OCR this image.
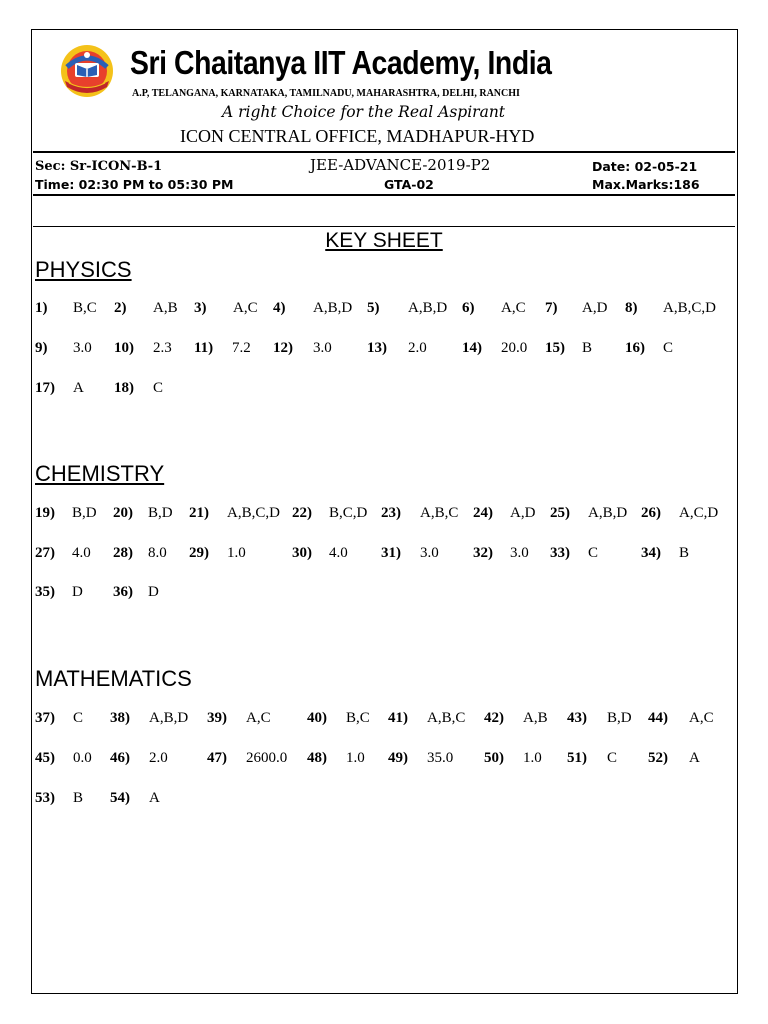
Sri Chaitanya IIT Academy, India
A.P, TELANGANA, KARNATAKA, TAMILNADU, MAHARASHTRA, DELHI, RANCHI
A right Choice for the Real Aspirant
ICON CENTRAL OFFICE, MADHAPUR-HYD
Sec: Sr-ICON-B-1
Time: 02:30 PM to 05:30 PM
JEE-ADVANCE-2019-P2
GTA-02
Date: 02-05-21
Max.Marks:186
KEY SHEET
PHYSICS
CHEMISTRY
MATHEMATICS
1) B,C 2) A,B 3) A,C 4) A,B,D 5) A,B,D 6) A,C 7) A,D 8) A,B,C,D
9) 3.0 10) 2.3 11) 7.2 12) 3.0 13) 2.0 14) 20.0 15) B 16) C
17) A 18) C
19) B,D 20) B,D 21) A,B,C,D 22) B,C,D 23) A,B,C 24) A,D 25) A,B,D 26) A,C,D
27) 4.0 28) 8.0 29) 1.0	30) 4.0 31) 3.0 32) 3.0 33) C	34) B
35) D 36) D
37) C 38) A,B,D 39) A,C 40) B,C 41) A,B,C 42) A,B 43) B,D 44) A,C
45) 0.0 46) 2.0	47) 2600.0 48) 1.0 49) 35.0 50) 1.0 51) C 52) A
53) B 54) A
